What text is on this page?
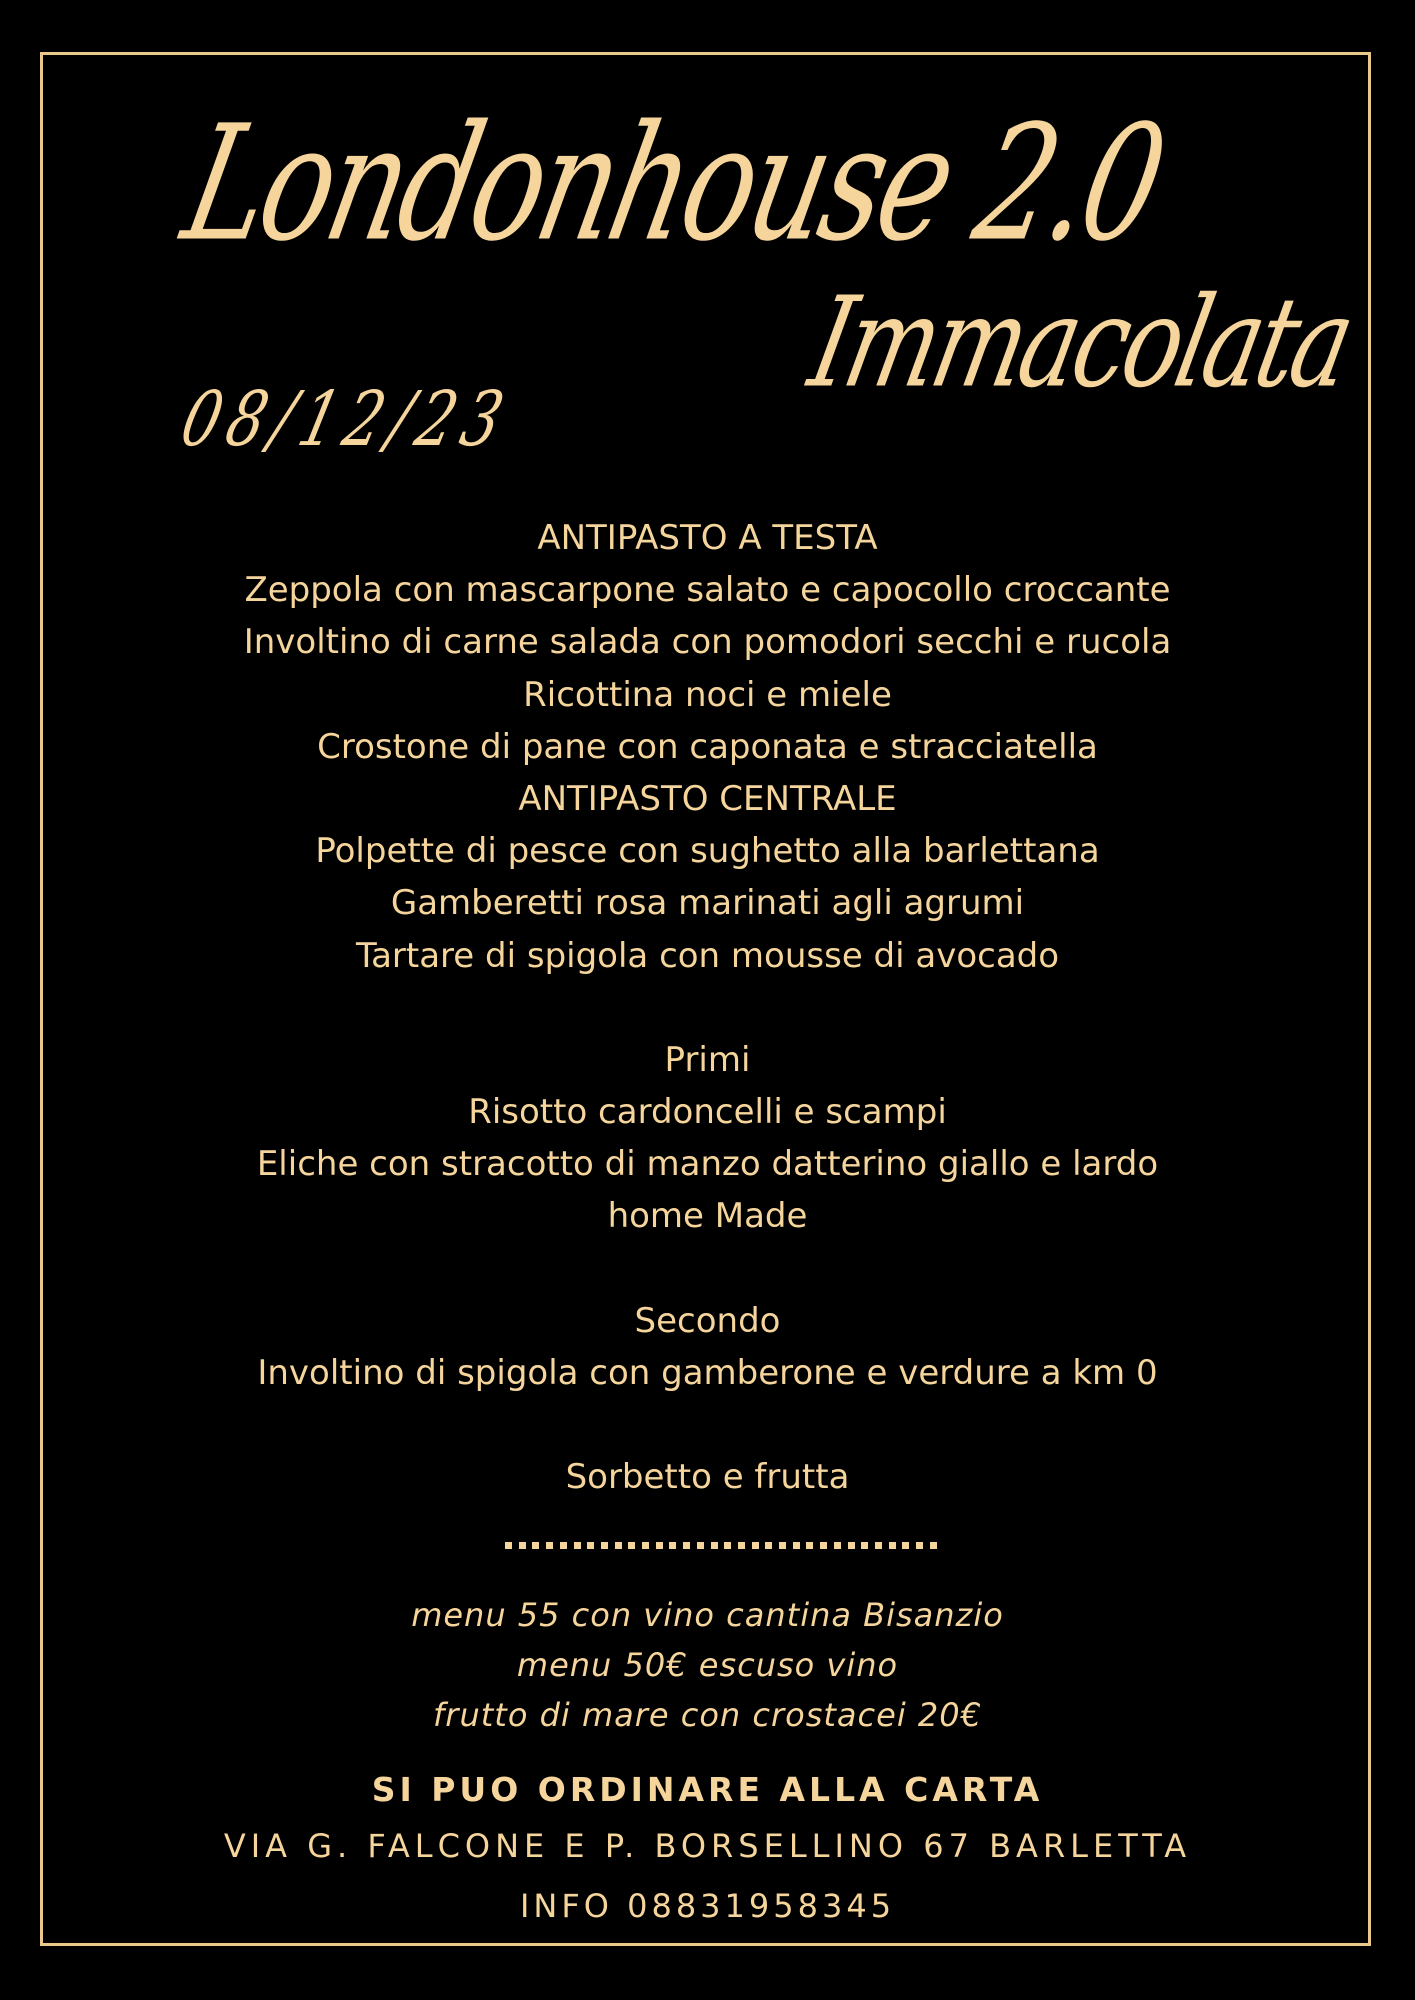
Londonhouse 2.0
Immacolata
08/12/23
ANTIPASTO A TESTA
Zeppola con mascarpone salato e capocollo croccante
Involtino di carne salada con pomodori secchi e rucola
Ricottina noci e miele
Crostone di pane con caponata e stracciatella
ANTIPASTO CENTRALE
Polpette di pesce con sughetto alla barlettana
Gamberetti rosa marinati agli agrumi
Tartare di spigola con mousse di avocado
Primi
Risotto cardoncelli e scampi
Eliche con stracotto di manzo datterino giallo e lardo
home Made
Secondo
Involtino di spigola con gamberone e verdure a km 0
Sorbetto e frutta
menu 55 con vino cantina Bisanzio
menu 50€ escuso vino
frutto di mare con crostacei 20€
SI PUO ORDINARE ALLA CARTA
VIA G. FALCONE E P. BORSELLINO 67 BARLETTA
INFO 08831958345
